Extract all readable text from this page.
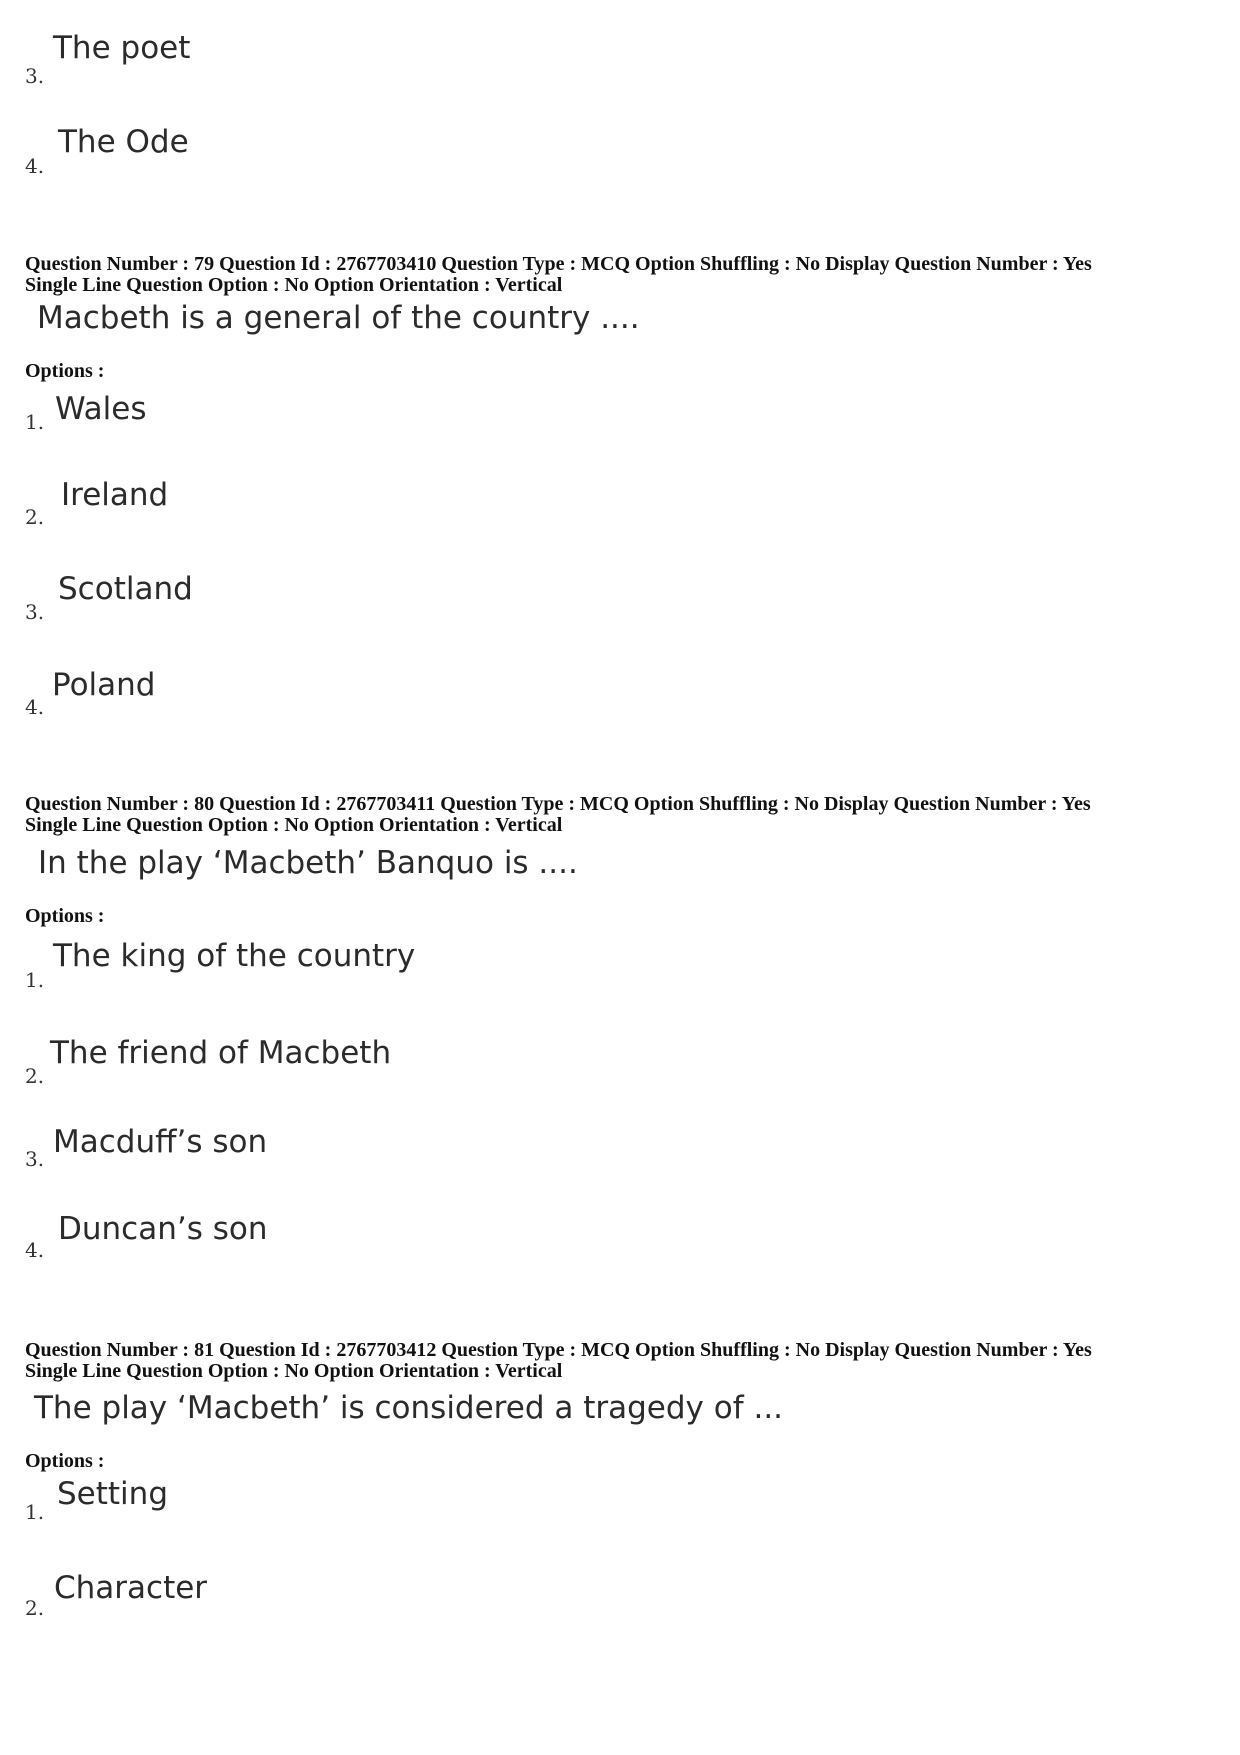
3.
The poet
4.
The Ode
Question Number : 79 Question Id : 2767703410 Question Type : MCQ Option Shuffling : No Display Question Number : Yes
Single Line Question Option : No Option Orientation : Vertical
Macbeth is a general of the country ....
Options :
1. Wales
2.
Ireland
3.
Scotland
4.
Poland
Question Number : 80 Question Id : 2767703411 Question Type : MCQ Option Shuffling : No Display Question Number : Yes
Single Line Question Option : No Option Orientation : Vertical
In the play ‘Macbeth’ Banquo is ....
Options :
1.
The king of the country
2.
The friend of Macbeth
3. Macduff’s son
4.
Duncan’s son
Question Number : 81 Question Id : 2767703412 Question Type : MCQ Option Shuffling : No Display Question Number : Yes
Single Line Question Option : No Option Orientation : Vertical
The play ‘Macbeth’ is considered a tragedy of ...
Options :
1. Setting
2.
Character
